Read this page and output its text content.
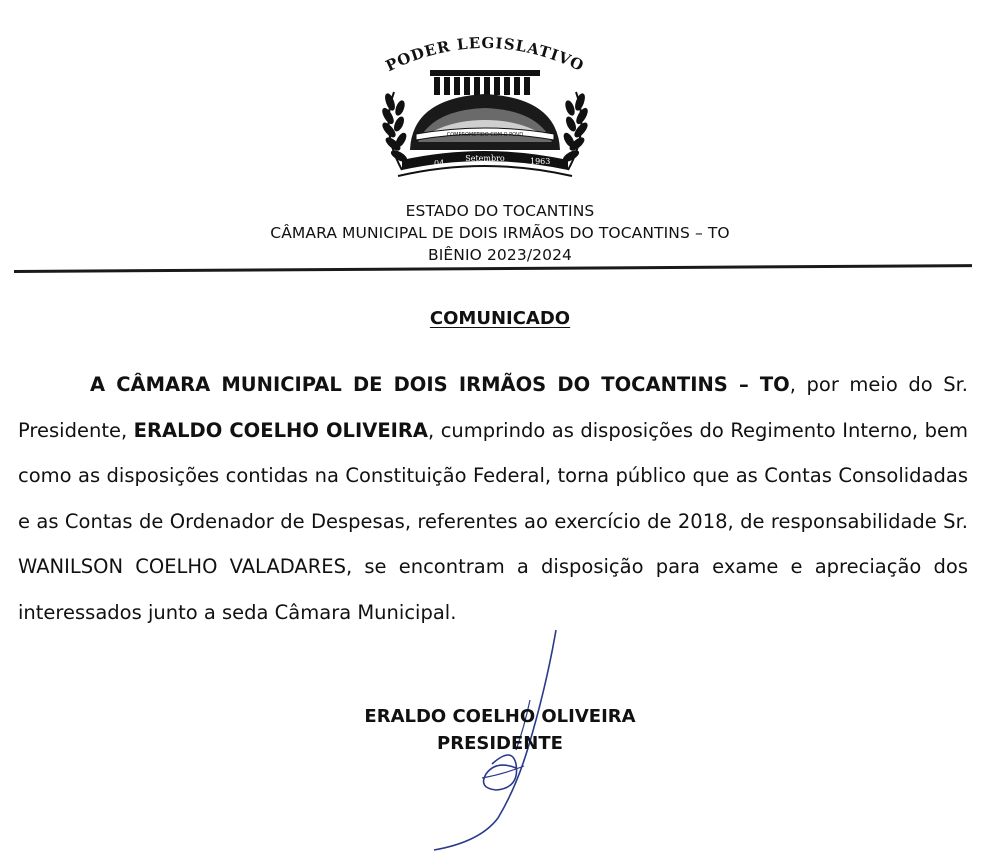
PODER LEGISLATIVO
COMPROMETIDO COM O POVO
04
Setembro	1963
ESTADO DO TOCANTINS
CÂMARA MUNICIPAL DE DOIS IRMÃOS DO TOCANTINS – TO
BIÊNIO 2023/2024
COMUNICADO
A CÂMARA MUNICIPAL DE DOIS IRMÃOS DO TOCANTINS – TO, por meio do Sr. Presidente, ERALDO COELHO OLIVEIRA, cumprindo as disposições do Regimento Interno, bem como as disposições contidas na Constituição Federal, torna público que as Contas Consolidadas e as Contas de Ordenador de Despesas, referentes ao exercício de 2018, de responsabilidade Sr. WANILSON COELHO VALADARES, se encontram a disposição para exame e apreciação dos interessados junto a seda Câmara Municipal.
ERALDO COELHO OLIVEIRA
PRESIDENTE
